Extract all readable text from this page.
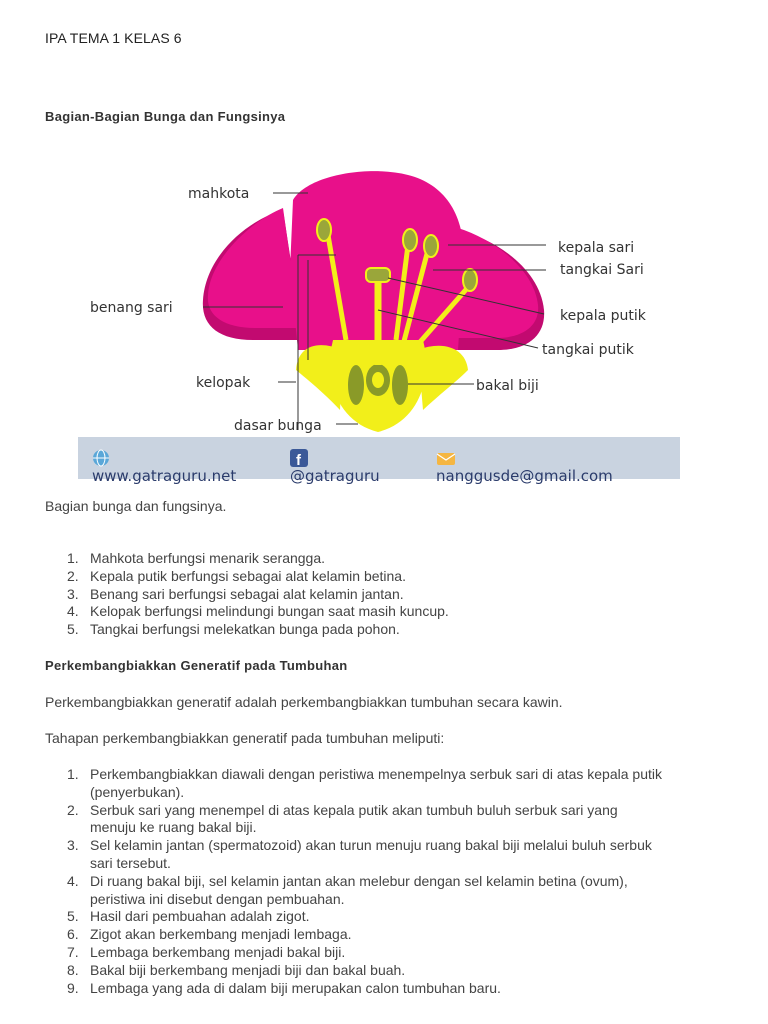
IPA TEMA 1 KELAS 6
Bagian-Bagian Bunga dan Fungsinya
mahkota
benang sari
kelopak
dasar bunga
kepala sari
tangkai Sari
kepala putik
tangkai putik
bakal biji
www.gatraguru.net
f
@gatraguru	nanggusde@gmail.com
Bagian bunga dan fungsinya.
1. Mahkota berfungsi menarik serangga.
2. Kepala putik berfungsi sebagai alat kelamin betina.
3. Benang sari berfungsi sebagai alat kelamin jantan.
4. Kelopak berfungsi melindungi bungan saat masih kuncup.
5. Tangkai berfungsi melekatkan bunga pada pohon.
Perkembangbiakkan Generatif pada Tumbuhan
Perkembangbiakkan generatif adalah perkembangbiakkan tumbuhan secara kawin.
Tahapan perkembangbiakkan generatif pada tumbuhan meliputi:
1. Perkembangbiakkan diawali dengan peristiwa menempelnya serbuk sari di atas kepala putik
(penyerbukan).
2. Serbuk sari yang menempel di atas kepala putik akan tumbuh buluh serbuk sari yang
menuju ke ruang bakal biji.
3. Sel kelamin jantan (spermatozoid) akan turun menuju ruang bakal biji melalui buluh serbuk
sari tersebut.
4. Di ruang bakal biji, sel kelamin jantan akan melebur dengan sel kelamin betina (ovum),
peristiwa ini disebut dengan pembuahan.
5. Hasil dari pembuahan adalah zigot.
6. Zigot akan berkembang menjadi lembaga.
7. Lembaga berkembang menjadi bakal biji.
8. Bakal biji berkembang menjadi biji dan bakal buah.
9. Lembaga yang ada di dalam biji merupakan calon tumbuhan baru.
